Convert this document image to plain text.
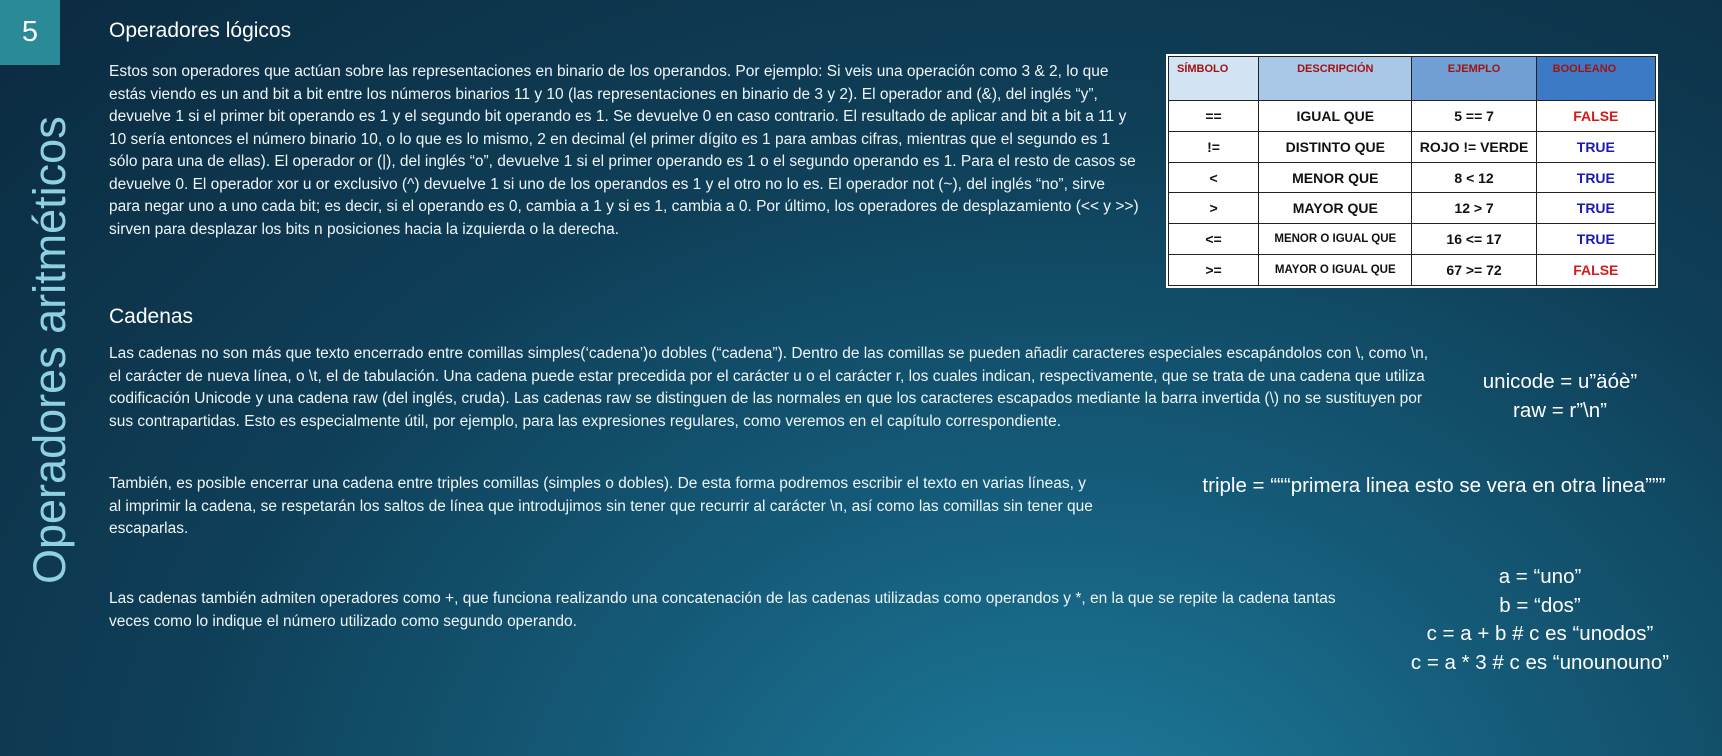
5
Operadores aritméticos
Operadores lógicos
Estos son operadores que actúan sobre las representaciones en binario de los operandos. Por ejemplo: Si veis una operación como 3 & 2, lo que estás viendo es un and bit a bit entre los números binarios 11 y 10 (las representaciones en binario de 3 y 2). El operador and (&), del inglés “y”, devuelve 1 si el primer bit operando es 1 y el segundo bit operando es 1. Se devuelve 0 en caso contrario. El resultado de aplicar and bit a bit a 11 y 10 sería entonces el número binario 10, o lo que es lo mismo, 2 en decimal (el primer dígito es 1 para ambas cifras, mientras que el segundo es 1 sólo para una de ellas). El operador or (|), del inglés “o”, devuelve 1 si el primer operando es 1 o el segundo operando es 1. Para el resto de casos se devuelve 0. El operador xor u or exclusivo (^) devuelve 1 si uno de los operandos es 1 y el otro no lo es. El operador not (~), del inglés “no”, sirve para negar uno a uno cada bit; es decir, si el operando es 0, cambia a 1 y si es 1, cambia a 0. Por último, los operadores de desplazamiento (<< y >>) sirven para desplazar los bits n posiciones hacia la izquierda o la derecha.
SÍMBOLO	DESCRIPCIÓN	EJEMPLO	BOOLEANO
==	IGUAL QUE	5 == 7	FALSE
!=	DISTINTO QUE	ROJO != VERDE	TRUE
<	MENOR QUE	8 < 12	TRUE
>	MAYOR QUE	12 > 7	TRUE
<=	MENOR O IGUAL QUE	16 <= 17	TRUE
>=	MAYOR O IGUAL QUE	67 >= 72	FALSE
Cadenas
Las cadenas no son más que texto encerrado entre comillas simples(‘cadena’)o dobles (“cadena”). Dentro de las comillas se pueden añadir caracteres especiales escapándolos con \, como \n, el carácter de nueva línea, o \t, el de tabulación. Una cadena puede estar precedida por el carácter u o el carácter r, los cuales indican, respectivamente, que se trata de una cadena que utiliza codificación Unicode y una cadena raw (del inglés, cruda). Las cadenas raw se distinguen de las normales en que los caracteres escapados mediante la barra invertida (\) no se sustituyen por sus contrapartidas. Esto es especialmente útil, por ejemplo, para las expresiones regulares, como veremos en el capítulo correspondiente.
También, es posible encerrar una cadena entre triples comillas (simples o dobles). De esta forma podremos escribir el texto en varias líneas, y al imprimir la cadena, se respetarán los saltos de línea que introdujimos sin tener que recurrir al carácter \n, así como las comillas sin tener que escaparlas.
Las cadenas también admiten operadores como +, que funciona realizando una concatenación de las cadenas utilizadas como operandos y *, en la que se repite la cadena tantas veces como lo indique el número utilizado como segundo operando.
unicode = u”äóè”
raw = r”\n”
triple = “““primera linea esto se vera en otra linea”””
a = “uno”
b = “dos”
c = a + b # c es “unodos”
c = a * 3 # c es “unounouno”
